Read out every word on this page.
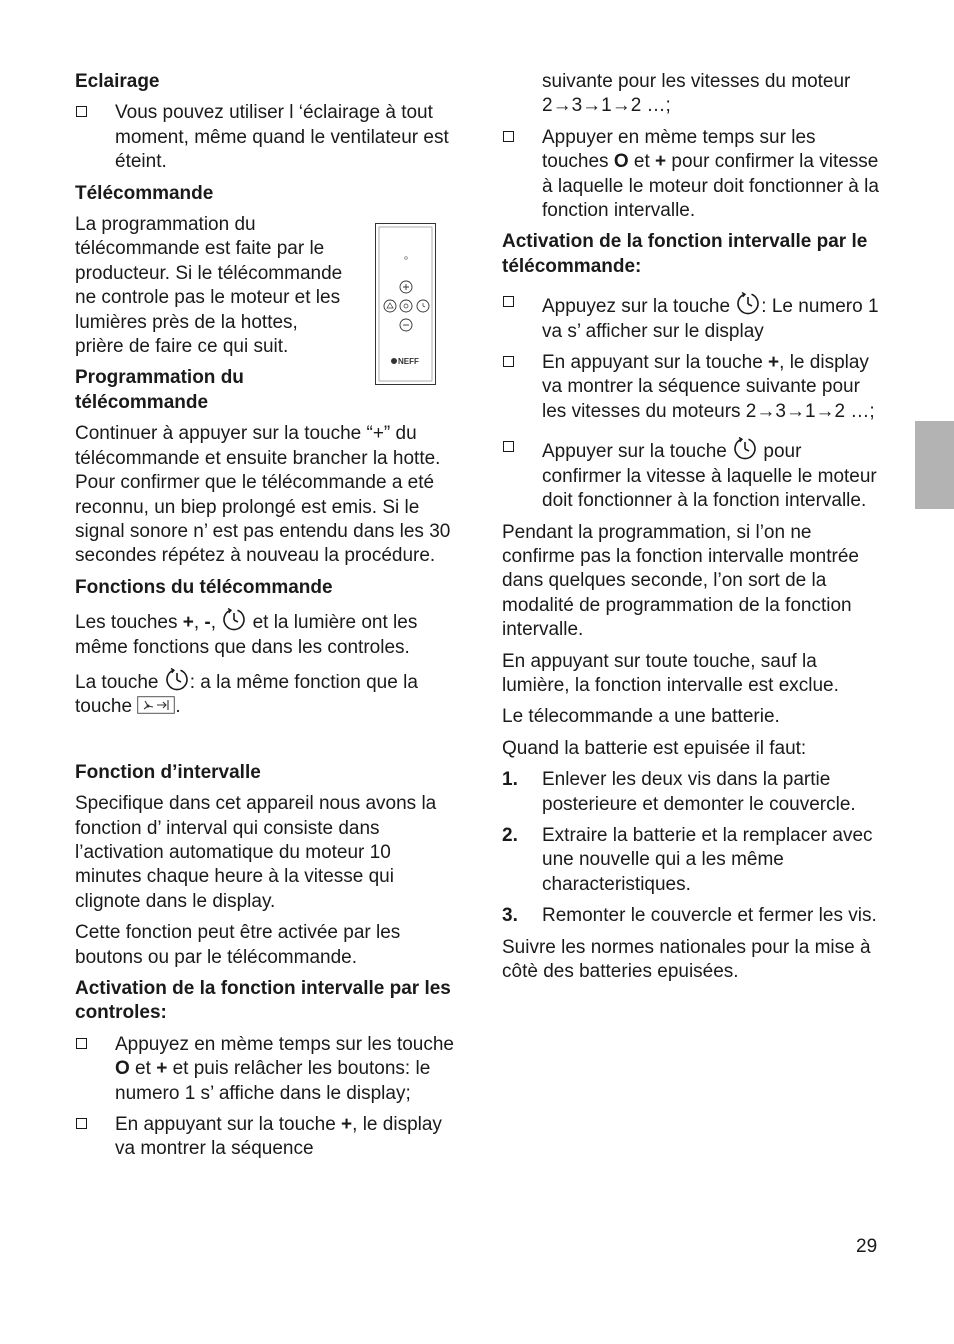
Eclairage
Vous pouvez utiliser l ‘éclairage à tout moment, même quand le ventilateur est éteint.
Télécommande

La programmation du télécommande est faite par le producteur. Si le télécommande ne controle pas le moteur et les lumières près de la hottes, prière de faire ce qui suit.

Programmation du télécommande

Continuer à appuyer sur la touche “+” du télécommande et ensuite brancher la hotte. Pour confirmer que le télécommande a eté reconnu, un biep prolongé est emis. Si le signal sonore n’ est pas entendu dans les 30 secondes répétez à nouveau la procédure.

Fonctions du télécommande

Les touches +, -,  et la lumière ont les même fonctions que dans les controles.

La touche : a la même fonction que la touche .

Fonction d’intervalle

Specifique dans cet appareil nous avons la fonction d’ interval qui consiste dans l’activation automatique du moteur 10 minutes chaque heure à la vitesse qui clignote dans le display.

Cette fonction peut être activée par les boutons ou par le télécommande.

Activation de la fonction intervalle par les controles:
Appuyez en mème temps sur les touche O et + et puis relâcher les boutons: le numero 1 s’ affiche dans le display;
En appuyant sur la touche +, le display va montrer la séquence
NEFF

suivante pour les vitesses du moteur 2→3→1→2 …;

Appuyer en mème temps sur les touches O et + pour confirmer la vitesse à laquelle le moteur doit fonctionner à la fonction intervalle.
Activation de la fonction intervalle par le télécommande:
Appuyez sur la touche : Le numero 1 va s’ afficher sur le display
En appuyant sur la touche +, le display va montrer la séquence suivante pour les vitesses du moteurs 2→3→1→2 …;
Appuyer sur la touche  pour confirmer la vitesse à laquelle le moteur doit fonctionner à la fonction intervalle.

Pendant la programmation, si l’on ne confirme pas la fonction intervalle montrée dans quelques seconde, l’on sort de la modalité de programmation de la fonction intervalle.

En appuyant sur toute touche, sauf la lumière, la fonction intervalle est exclue.

Le télecommande a une batterie.

Quand la batterie est epuisée il faut:

1. Enlever les deux vis dans la partie posterieure et demonter le couvercle.
2. Extraire la batterie et la remplacer avec une nouvelle qui a les même characteristiques.
3. Remonter le couvercle et fermer les vis.

Suivre les normes nationales pour la mise à côtè des batteries epuisées.

29
